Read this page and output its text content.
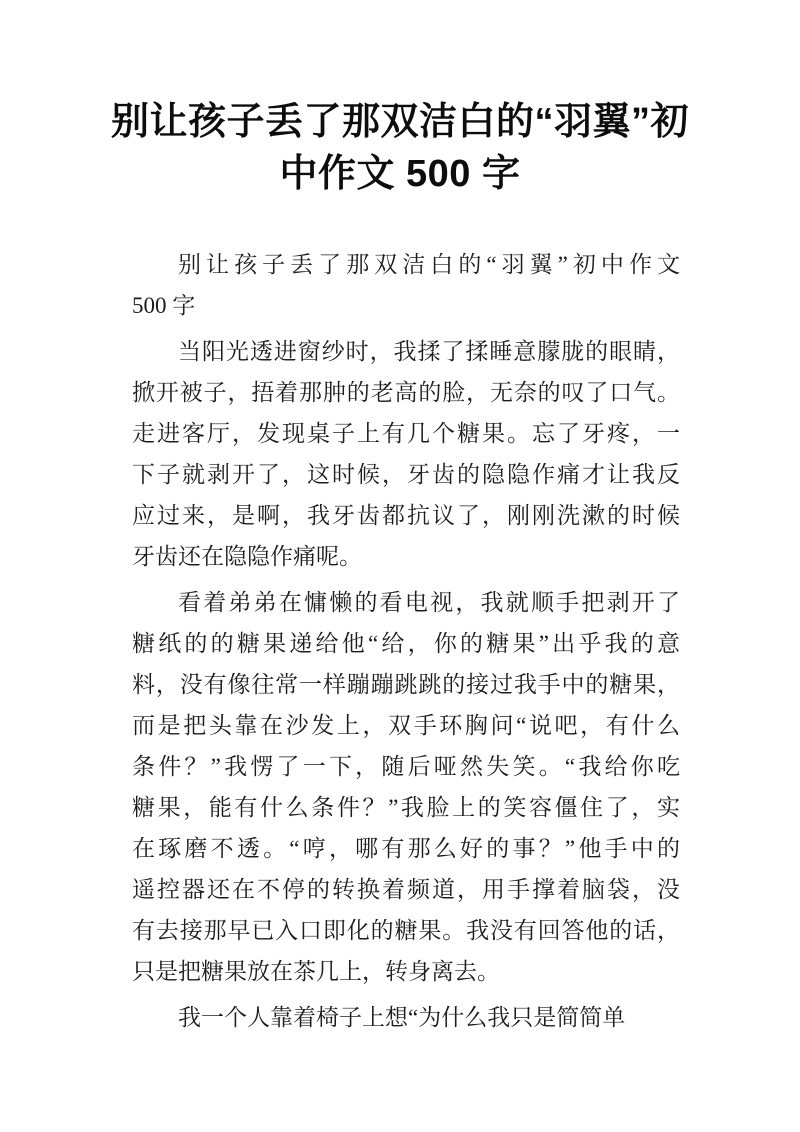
别让孩子丢了那双洁白的“羽翼”初
中作文 500 字
别让孩子丢了那双洁白的“羽翼”初中作文
500 字
当阳光透进窗纱时，我揉了揉睡意朦胧的眼睛，
掀开被子，捂着那肿的老高的脸，无奈的叹了口气。
走进客厅，发现桌子上有几个糖果。忘了牙疼，一
下子就剥开了，这时候，牙齿的隐隐作痛才让我反
应过来，是啊，我牙齿都抗议了，刚刚洗漱的时候
牙齿还在隐隐作痛呢。
看着弟弟在慵懒的看电视，我就顺手把剥开了
糖纸的的糖果递给他“给，你的糖果”出乎我的意
料，没有像往常一样蹦蹦跳跳的接过我手中的糖果，
而是把头靠在沙发上，双手环胸问“说吧，有什么
条件？”我愣了一下，随后哑然失笑。“我给你吃
糖果，能有什么条件？”我脸上的笑容僵住了，实
在琢磨不透。“哼，哪有那么好的事？”他手中的
遥控器还在不停的转换着频道，用手撑着脑袋，没
有去接那早已入口即化的糖果。我没有回答他的话，
只是把糖果放在茶几上，转身离去。
我一个人靠着椅子上想“为什么我只是简简单
